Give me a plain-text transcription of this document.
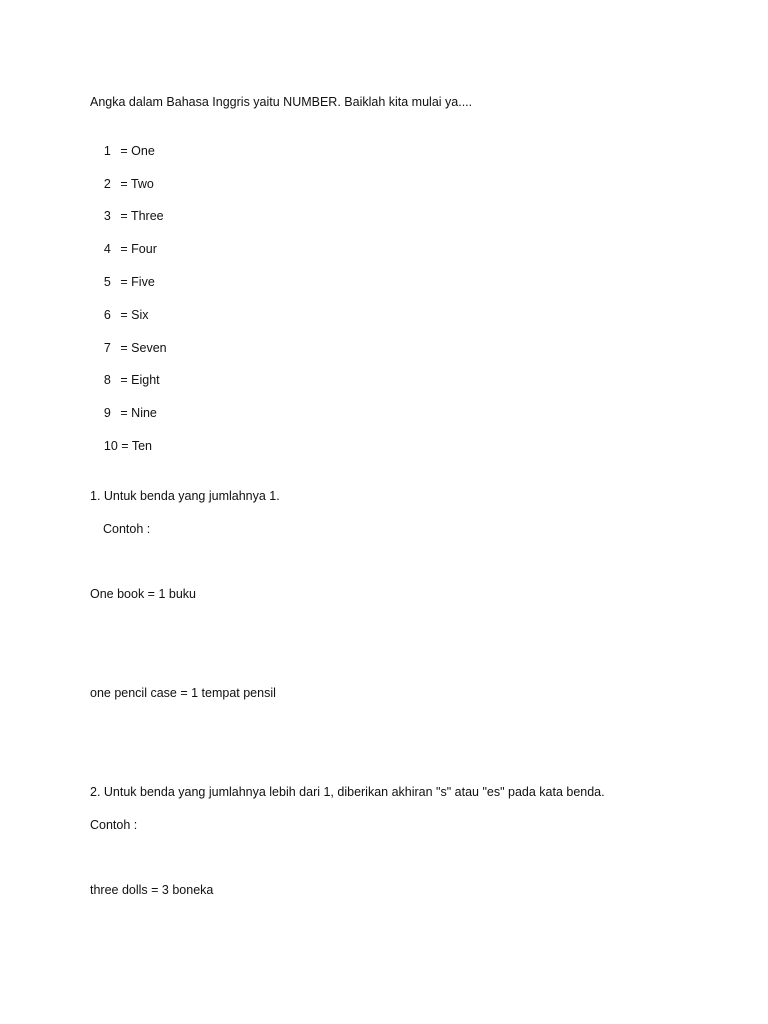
Angka dalam Bahasa Inggris yaitu NUMBER. Baiklah kita mulai ya....

1 = One

2 = Two

3 = Three

4 = Four

5 = Five

6 = Six

7 = Seven

8 = Eight

9 = Nine

10 = Ten

1. Untuk benda yang jumlahnya 1.
Contoh :
One book = 1 buku
one pencil case = 1 tempat pensil
2. Untuk benda yang jumlahnya lebih dari 1, diberikan akhiran "s" atau "es" pada kata benda.
Contoh :
three dolls = 3 boneka
